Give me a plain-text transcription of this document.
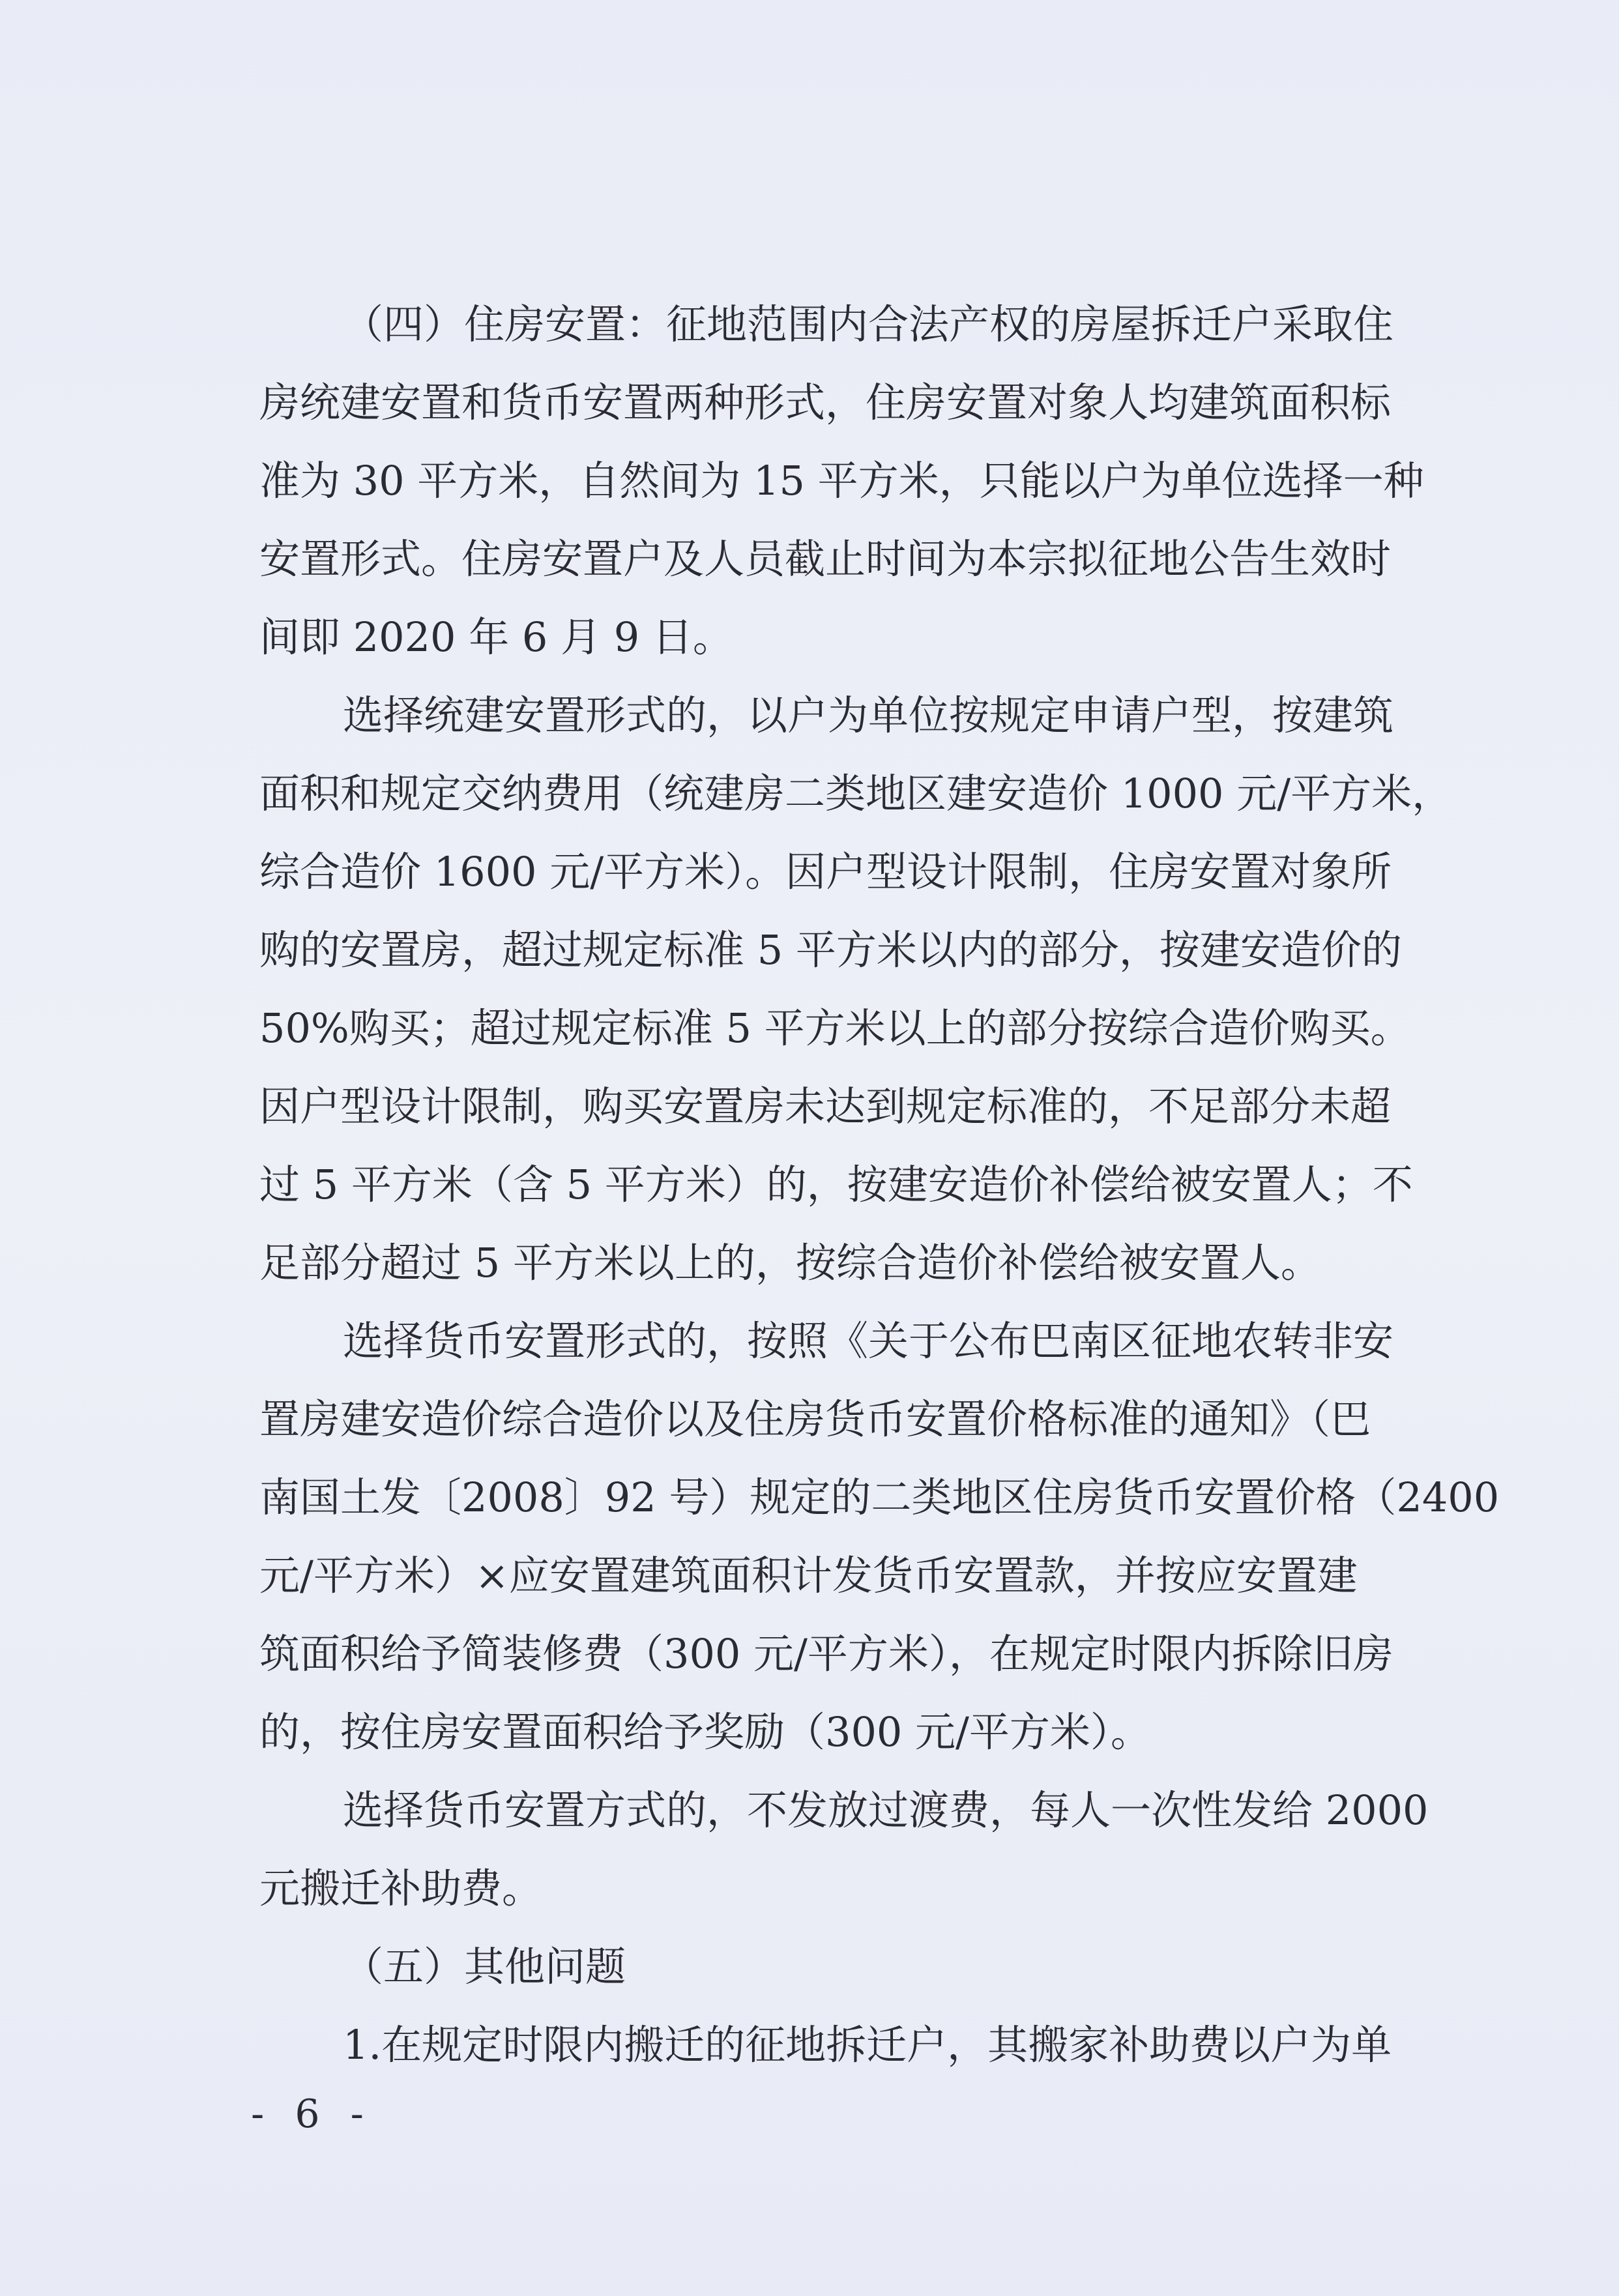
（四）住房安置：征地范围内合法产权的房屋拆迁户采取住
房统建安置和货币安置两种形式，住房安置对象人均建筑面积标
准为 30 平方米，自然间为 15 平方米，只能以户为单位选择一种
安置形式。住房安置户及人员截止时间为本宗拟征地公告生效时
间即 2020 年 6 月 9 日。
选择统建安置形式的，以户为单位按规定申请户型，按建筑
面积和规定交纳费用（统建房二类地区建安造价 1000 元/平方米，
综合造价 1600 元/平方米）。因户型设计限制，住房安置对象所
购的安置房，超过规定标准 5 平方米以内的部分，按建安造价的
50%购买；超过规定标准 5 平方米以上的部分按综合造价购买。
因户型设计限制，购买安置房未达到规定标准的，不足部分未超
过 5 平方米（含 5 平方米）的，按建安造价补偿给被安置人；不
足部分超过 5 平方米以上的，按综合造价补偿给被安置人。
选择货币安置形式的，按照《关于公布巴南区征地农转非安
置房建安造价综合造价以及住房货币安置价格标准的通知》（巴
南国土发〔2008〕92 号）规定的二类地区住房货币安置价格（2400
元/平方米）×应安置建筑面积计发货币安置款，并按应安置建
筑面积给予简装修费（300 元/平方米），在规定时限内拆除旧房
的，按住房安置面积给予奖励（300 元/平方米）。
选择货币安置方式的，不发放过渡费，每人一次性发给 2000
元搬迁补助费。
（五）其他问题
1.在规定时限内搬迁的征地拆迁户，其搬家补助费以户为单
- 6 -
